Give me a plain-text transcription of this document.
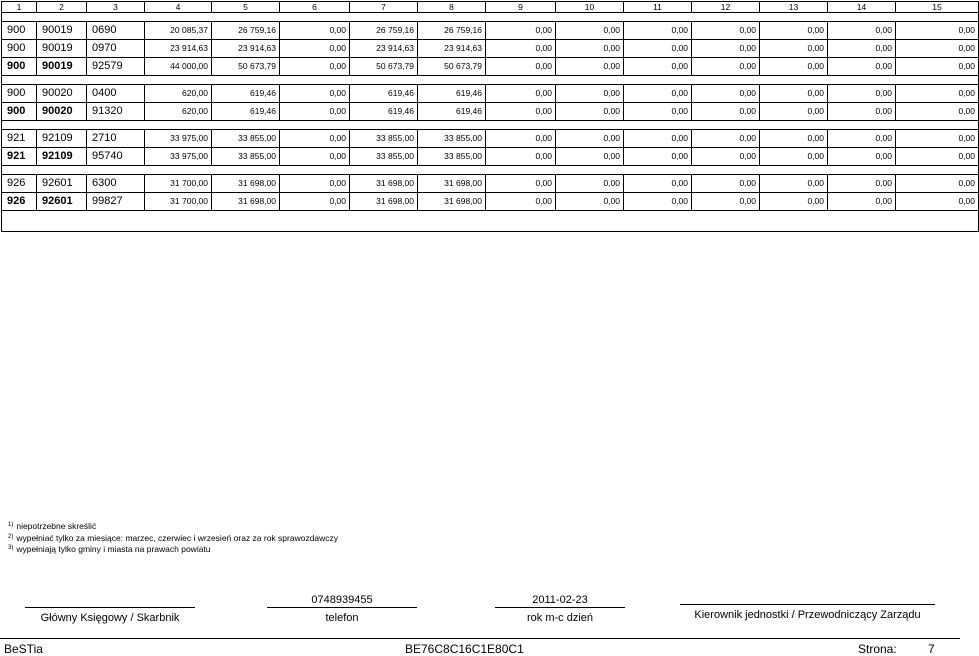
1	2	3	4	5	6	7	8	9	10	11	12	13	14	15

900	90019	0690	20 085,37	26 759,16	0,00	26 759,16	26 759,16	0,00	0,00	0,00	0,00	0,00	0,00	0,00
900	90019	0970	23 914,63	23 914,63	0,00	23 914,63	23 914,63	0,00	0,00	0,00	0,00	0,00	0,00	0,00
900	90019	92579	44 000,00	50 673,79	0,00	50 673,79	50 673,79	0,00	0,00	0,00	0,00	0,00	0,00	0,00

900	90020	0400	620,00	619,46	0,00	619,46	619,46	0,00	0,00	0,00	0,00	0,00	0,00	0,00
900	90020	91320	620,00	619,46	0,00	619,46	619,46	0,00	0,00	0,00	0,00	0,00	0,00	0,00

921	92109	2710	33 975,00	33 855,00	0,00	33 855,00	33 855,00	0,00	0,00	0,00	0,00	0,00	0,00	0,00
921	92109	95740	33 975,00	33 855,00	0,00	33 855,00	33 855,00	0,00	0,00	0,00	0,00	0,00	0,00	0,00

926	92601	6300	31 700,00	31 698,00	0,00	31 698,00	31 698,00	0,00	0,00	0,00	0,00	0,00	0,00	0,00
926	92601	99827	31 700,00	31 698,00	0,00	31 698,00	31 698,00	0,00	0,00	0,00	0,00	0,00	0,00	0,00

$^{1)}$ niepotrzebne skreślić
$^{2)}$ wypełniać tylko za miesiące: marzec, czerwiec i wrzesień oraz za rok sprawozdawczy
$^{3)}$ wypełniają tylko gminy i miasta na prawach powiatu
Główny Księgowy / Skarbnik
0748939455
telefon
2011-02-23
rok m-c dzień	Kierownik jednostki / Przewodniczący Zarządu
BeSTia	BE76C8C16C1E80C1	Strona:	7
